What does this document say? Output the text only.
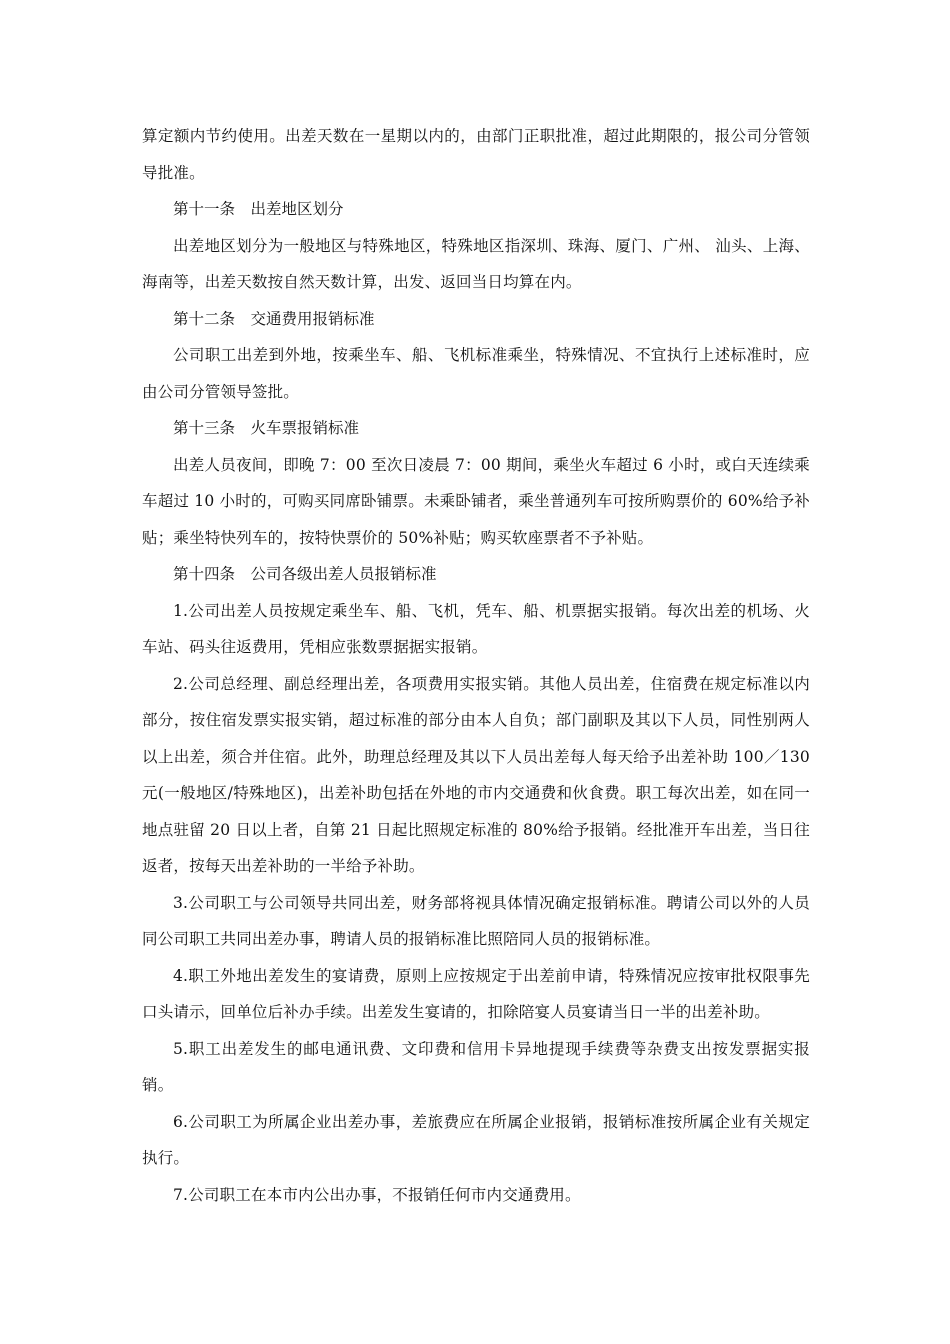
算定额内节约使用。出差天数在一星期以内的，由部门正职批准，超过此期限的，报公司分管领导批准。

第十一条　出差地区划分

出差地区划分为一般地区与特殊地区，特殊地区指深圳、珠海、厦门、广州、 汕头、上海、海南等，出差天数按自然天数计算，出发、返回当日均算在内。

第十二条　交通费用报销标准

公司职工出差到外地，按乘坐车、船、飞机标准乘坐，特殊情况、不宜执行上述标准时，应由公司分管领导签批。

第十三条　火车票报销标准

出差人员夜间，即晚 7：00 至次日凌晨 7：00 期间，乘坐火车超过 6 小时，或白天连续乘车超过 10 小时的，可购买同席卧铺票。未乘卧铺者，乘坐普通列车可按所购票价的 60%给予补贴；乘坐特快列车的，按特快票价的 50%补贴；购买软座票者不予补贴。

第十四条　公司各级出差人员报销标准

1.公司出差人员按规定乘坐车、船、飞机，凭车、船、机票据实报销。每次出差的机场、火车站、码头往返费用，凭相应张数票据据实报销。

2.公司总经理、副总经理出差，各项费用实报实销。其他人员出差，住宿费在规定标准以内部分，按住宿发票实报实销，超过标准的部分由本人自负；部门副职及其以下人员，同性别两人以上出差，须合并住宿。此外，助理总经理及其以下人员出差每人每天给予出差补助 100／130 元(一般地区/特殊地区)，出差补助包括在外地的市内交通费和伙食费。职工每次出差，如在同一地点驻留 20 日以上者，自第 21 日起比照规定标准的 80%给予报销。经批准开车出差，当日往返者，按每天出差补助的一半给予补助。

3.公司职工与公司领导共同出差，财务部将视具体情况确定报销标准。聘请公司以外的人员同公司职工共同出差办事，聘请人员的报销标准比照陪同人员的报销标准。

4.职工外地出差发生的宴请费，原则上应按规定于出差前申请，特殊情况应按审批权限事先口头请示，回单位后补办手续。出差发生宴请的，扣除陪宴人员宴请当日一半的出差补助。

5.职工出差发生的邮电通讯费、文印费和信用卡异地提现手续费等杂费支出按发票据实报销。

6.公司职工为所属企业出差办事，差旅费应在所属企业报销，报销标准按所属企业有关规定执行。

7.公司职工在本市内公出办事，不报销任何市内交通费用。
